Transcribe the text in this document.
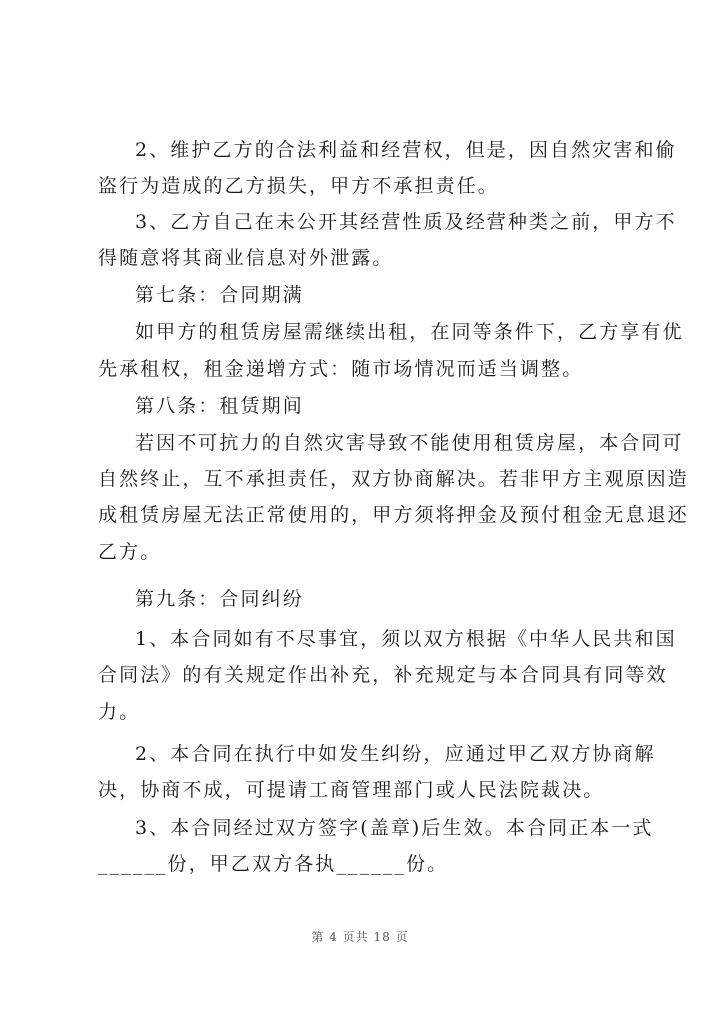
2、维护乙方的合法利益和经营权，但是，因自然灾害和偷
盗行为造成的乙方损失，甲方不承担责任。
3、乙方自己在未公开其经营性质及经营种类之前，甲方不
得随意将其商业信息对外泄露。
第七条：合同期满
如甲方的租赁房屋需继续出租，在同等条件下，乙方享有优
先承租权，租金递增方式：随市场情况而适当调整。
第八条：租赁期间
若因不可抗力的自然灾害导致不能使用租赁房屋，本合同可
自然终止，互不承担责任，双方协商解决。若非甲方主观原因造
成租赁房屋无法正常使用的，甲方须将押金及预付租金无息退还
乙方。
第九条：合同纠纷
1、本合同如有不尽事宜，须以双方根据《中华人民共和国
合同法》的有关规定作出补充，补充规定与本合同具有同等效
力。
2、本合同在执行中如发生纠纷，应通过甲乙双方协商解
决，协商不成，可提请工商管理部门或人民法院裁决。
3、本合同经过双方签字(盖章)后生效。本合同正本一式
______份，甲乙双方各执______份。
第 4 页共 18 页
